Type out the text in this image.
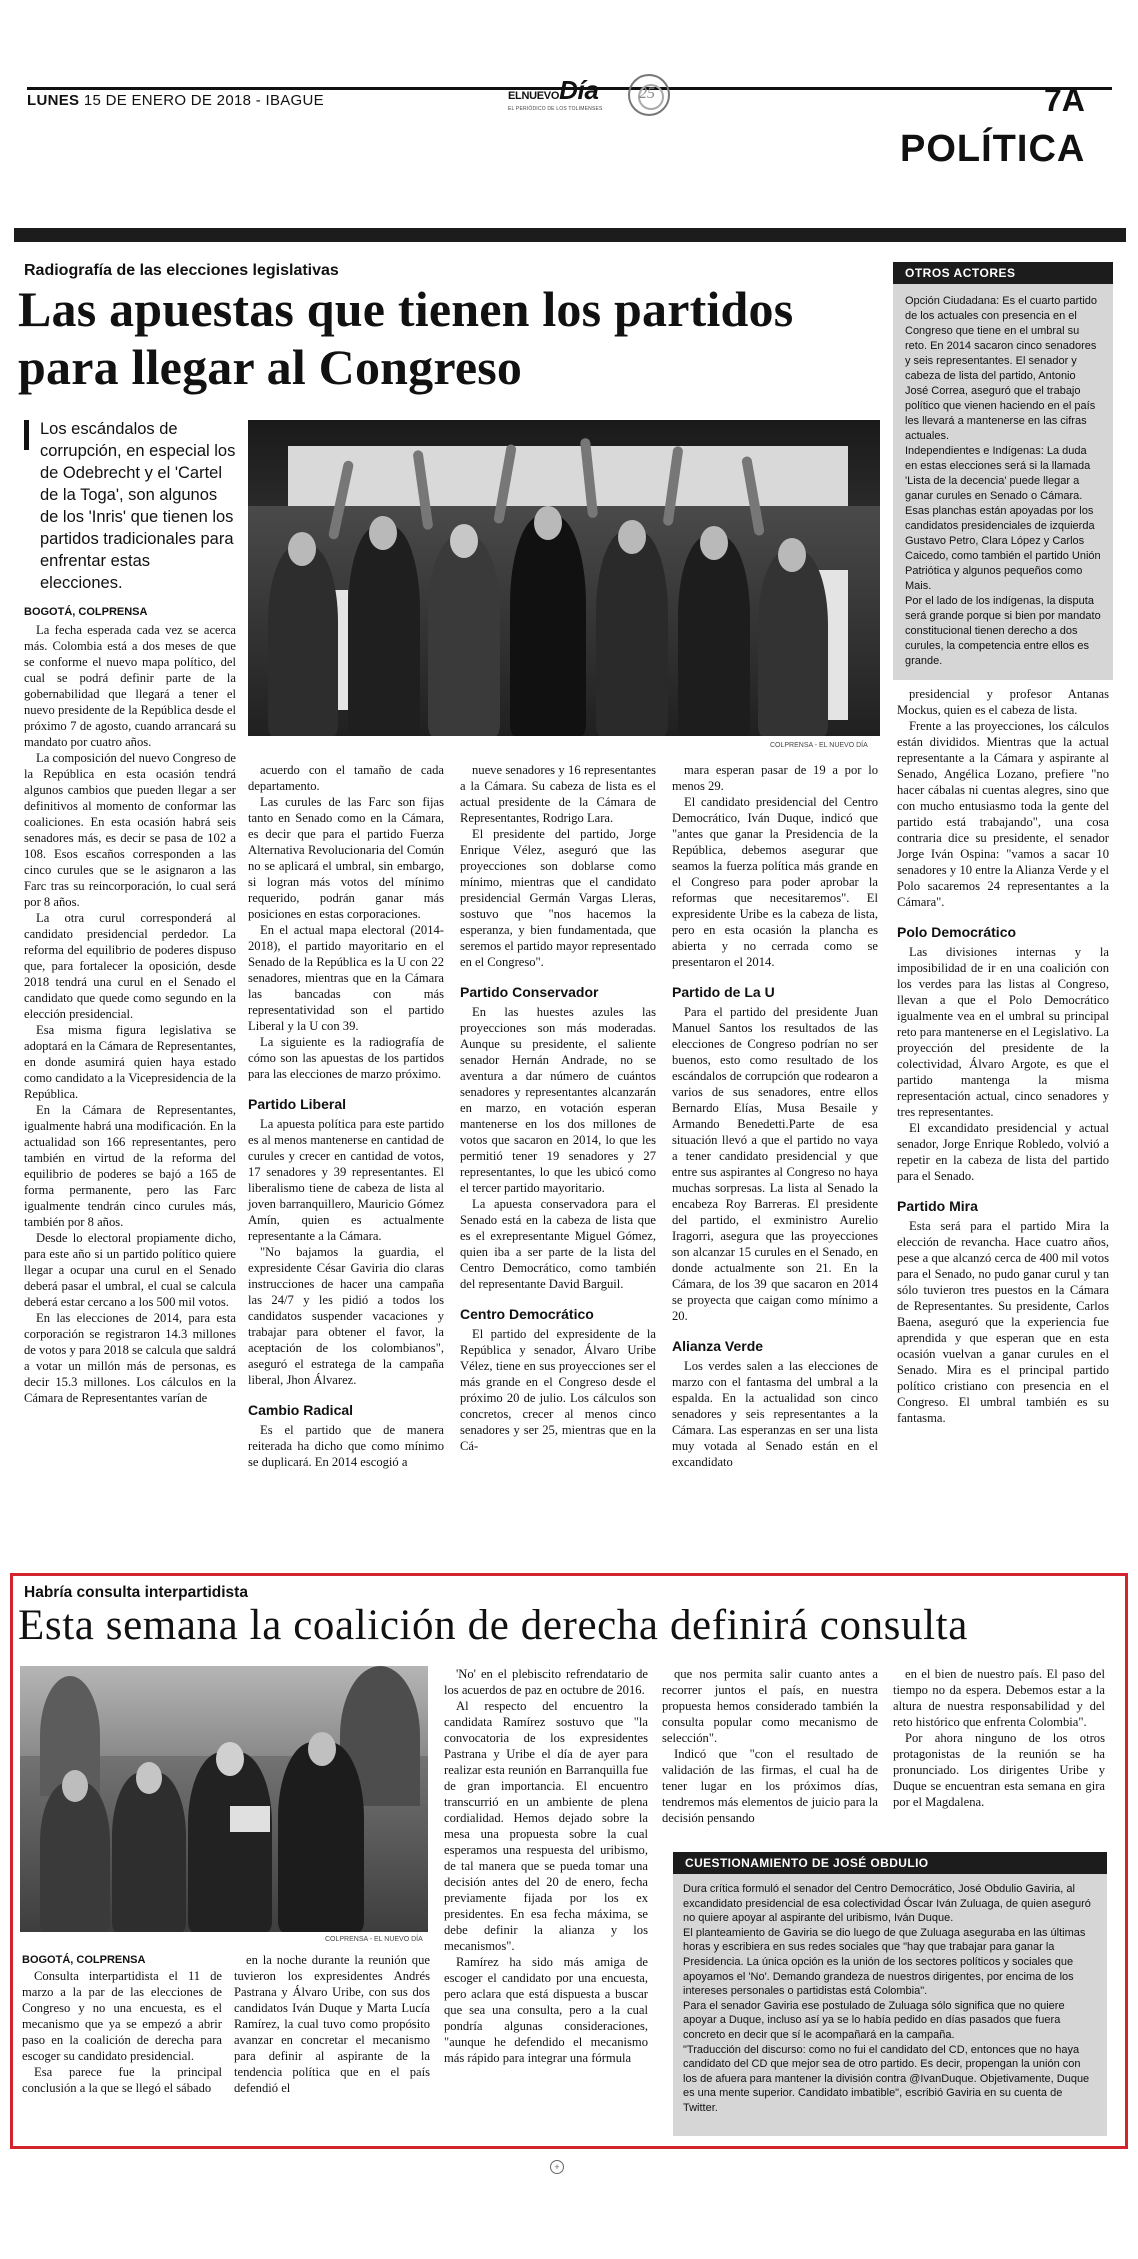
LUNES 15 DE ENERO DE 2018 - IBAGUE	ELNUEVODía
EL PERIÓDICO DE LOS TOLIMENSES
25	7A
POLÍTICA
Radiografía de las elecciones legislativas
Las apuestas que tienen los partidos para llegar al Congreso
Los escándalos de corrupción, en especial los de Odebrecht y el 'Cartel de la Toga', son algunos de los 'Inris' que tienen los partidos tradicionales para enfrentar estas elecciones.
BOGOTÁ, COLPRENSA
COLPRENSA - EL NUEVO DÍA

La fecha esperada cada vez se acerca más. Colombia está a dos meses de que se conforme el nuevo mapa político, del cual se podrá definir parte de la gobernabilidad que llegará a tener el nuevo presidente de la República desde el próximo 7 de agosto, cuando arrancará su mandato por cuatro años.

La composición del nuevo Congreso de la República en esta ocasión tendrá algunos cambios que pueden llegar a ser definitivos al momento de conformar las coaliciones. En esta ocasión habrá seis senadores más, es decir se pasa de 102 a 108. Esos escaños corresponden a las cinco curules que se le asignaron a las Farc tras su reincorporación, lo cual será por 8 años.

La otra curul corresponderá al candidato presidencial perdedor. La reforma del equilibrio de poderes dispuso que, para fortalecer la oposición, desde 2018 tendrá una curul en el Senado el candidato que quede como segundo en la elección presidencial.

Esa misma figura legislativa se adoptará en la Cámara de Representantes, en donde asumirá quien haya estado como candidato a la Vicepresidencia de la República.

En la Cámara de Representantes, igualmente habrá una modificación. En la actualidad son 166 representantes, pero también en virtud de la reforma del equilibrio de poderes se bajó a 165 de forma permanente, pero las Farc igualmente tendrán cinco curules más, también por 8 años.

Desde lo electoral propiamente dicho, para este año si un partido político quiere llegar a ocupar una curul en el Senado deberá pasar el umbral, el cual se calcula deberá estar cercano a los 500 mil votos.

En las elecciones de 2014, para esta corporación se registraron 14.3 millones de votos y para 2018 se calcula que saldrá a votar un millón más de personas, es decir 15.3 millones. Los cálculos en la Cámara de Representantes varían de

acuerdo con el tamaño de cada departamento.

Las curules de las Farc son fijas tanto en Senado como en la Cámara, es decir que para el partido Fuerza Alternativa Revolucionaria del Común no se aplicará el umbral, sin embargo, si logran más votos del mínimo requerido, podrán ganar más posiciones en estas corporaciones.

En el actual mapa electoral (2014-2018), el partido mayoritario en el Senado de la República es la U con 22 senadores, mientras que en la Cámara las bancadas con más representatividad son el partido Liberal y la U con 39.

La siguiente es la radiografía de cómo son las apuestas de los partidos para las elecciones de marzo próximo.

Partido Liberal

La apuesta política para este partido es al menos mantenerse en cantidad de curules y crecer en cantidad de votos, 17 senadores y 39 representantes. El liberalismo tiene de cabeza de lista al joven barranquillero, Mauricio Gómez Amín, quien es actualmente representante a la Cámara.

"No bajamos la guardia, el expresidente César Gaviria dio claras instrucciones de hacer una campaña las 24/7 y les pidió a todos los candidatos suspender vacaciones y trabajar para obtener el favor, la aceptación de los colombianos", aseguró el estratega de la campaña liberal, Jhon Álvarez.

Cambio Radical

Es el partido que de manera reiterada ha dicho que como mínimo se duplicará. En 2014 escogió a

nueve senadores y 16 representantes a la Cámara. Su cabeza de lista es el actual presidente de la Cámara de Representantes, Rodrigo Lara.

El presidente del partido, Jorge Enrique Vélez, aseguró que las proyecciones son doblarse como mínimo, mientras que el candidato presidencial Germán Vargas Lleras, sostuvo que "nos hacemos la esperanza, y bien fundamentada, que seremos el partido mayor representado en el Congreso".

Partido Conservador

En las huestes azules las proyecciones son más moderadas. Aunque su presidente, el saliente senador Hernán Andrade, no se aventura a dar número de cuántos senadores y representantes alcanzarán en marzo, en votación esperan mantenerse en los dos millones de votos que sacaron en 2014, lo que les permitió tener 19 senadores y 27 representantes, lo que les ubicó como el tercer partido mayoritario.

La apuesta conservadora para el Senado está en la cabeza de lista que es el exrepresentante Miguel Gómez, quien iba a ser parte de la lista del Centro Democrático, como también del representante David Barguil.

Centro Democrático

El partido del expresidente de la República y senador, Álvaro Uribe Vélez, tiene en sus proyecciones ser el más grande en el Congreso desde el próximo 20 de julio. Los cálculos son concretos, crecer al menos cinco senadores y ser 25, mientras que en la Cá-

mara esperan pasar de 19 a por lo menos 29.

El candidato presidencial del Centro Democrático, Iván Duque, indicó que "antes que ganar la Presidencia de la República, debemos asegurar que seamos la fuerza política más grande en el Congreso para poder aprobar la reformas que necesitaremos". El expresidente Uribe es la cabeza de lista, pero en esta ocasión la plancha es abierta y no cerrada como se presentaron el 2014.

Partido de La U

Para el partido del presidente Juan Manuel Santos los resultados de las elecciones de Congreso podrían no ser buenos, esto como resultado de los escándalos de corrupción que rodearon a varios de sus senadores, entre ellos Bernardo Elías, Musa Besaile y Armando Benedetti.Parte de esa situación llevó a que el partido no vaya a tener candidato presidencial y que entre sus aspirantes al Congreso no haya muchas sorpresas. La lista al Senado la encabeza Roy Barreras. El presidente del partido, el exministro Aurelio Iragorri, asegura que las proyecciones son alcanzar 15 curules en el Senado, en donde actualmente son 21. En la Cámara, de los 39 que sacaron en 2014 se proyecta que caigan como mínimo a 20.

Alianza Verde

Los verdes salen a las elecciones de marzo con el fantasma del umbral a la espalda. En la actualidad son cinco senadores y seis representantes a la Cámara. Las esperanzas en ser una lista muy votada al Senado están en el excandidato

presidencial y profesor Antanas Mockus, quien es el cabeza de lista.

Frente a las proyecciones, los cálculos están divididos. Mientras que la actual representante a la Cámara y aspirante al Senado, Angélica Lozano, prefiere "no hacer cábalas ni cuentas alegres, sino que con mucho entusiasmo toda la gente del partido está trabajando", una cosa contraria dice su presidente, el senador Jorge Iván Ospina: "vamos a sacar 10 senadores y 10 entre la Alianza Verde y el Polo sacaremos 24 representantes a la Cámara".

Polo Democrático

Las divisiones internas y la imposibilidad de ir en una coalición con los verdes para las listas al Congreso, llevan a que el Polo Democrático igualmente vea en el umbral su principal reto para mantenerse en el Legislativo. La proyección del presidente de la colectividad, Álvaro Argote, es que el partido mantenga la misma representación actual, cinco senadores y tres representantes.

El excandidato presidencial y actual senador, Jorge Enrique Robledo, volvió a repetir en la cabeza de lista del partido para el Senado.

Partido Mira

Esta será para el partido Mira la elección de revancha. Hace cuatro años, pese a que alcanzó cerca de 400 mil votos para el Senado, no pudo ganar curul y tan sólo tuvieron tres puestos en la Cámara de Representantes. Su presidente, Carlos Baena, aseguró que la experiencia fue aprendida y que esperan que en esta ocasión vuelvan a ganar curules en el Senado. Mira es el principal partido político cristiano con presencia en el Congreso. El umbral también es su fantasma.

OTROS ACTORES

Opción Ciudadana: Es el cuarto partido de los actuales con presencia en el Congreso que tiene en el umbral su reto. En 2014 sacaron cinco senadores y seis representantes. El senador y cabeza de lista del partido, Antonio José Correa, aseguró que el trabajo político que vienen haciendo en el país les llevará a mantenerse en las cifras actuales.

Independientes e Indígenas: La duda en estas elecciones será si la llamada 'Lista de la decencia' puede llegar a ganar curules en Senado o Cámara. Esas planchas están apoyadas por los candidatos presidenciales de izquierda Gustavo Petro, Clara López y Carlos Caicedo, como también el partido Unión Patriótica y algunos pequeños como Mais.

Por el lado de los indígenas, la disputa será grande porque si bien por mandato constitucional tienen derecho a dos curules, la competencia entre ellos es grande.

Habría consulta interpartidista
Esta semana la coalición de derecha definirá consulta
COLPRENSA - EL NUEVO DÍA
BOGOTÁ, COLPRENSA

Consulta interpartidista el 11 de marzo a la par de las elecciones de Congreso y no una encuesta, es el mecanismo que ya se empezó a abrir paso en la coalición de derecha para escoger su candidato presidencial.

Esa parece fue la principal conclusión a la que se llegó el sábado

en la noche durante la reunión que tuvieron los expresidentes Andrés Pastrana y Álvaro Uribe, con sus dos candidatos Iván Duque y Marta Lucía Ramírez, la cual tuvo como propósito avanzar en concretar el mecanismo para definir al aspirante de la tendencia política que en el país defendió el

'No' en el plebiscito refrendatario de los acuerdos de paz en octubre de 2016.

Al respecto del encuentro la candidata Ramírez sostuvo que "la convocatoria de los expresidentes Pastrana y Uribe el día de ayer para realizar esta reunión en Barranquilla fue de gran importancia. El encuentro transcurrió en un ambiente de plena cordialidad. Hemos dejado sobre la mesa una propuesta sobre la cual esperamos una respuesta del uribismo, de tal manera que se pueda tomar una decisión antes del 20 de enero, fecha previamente fijada por los ex presidentes. En esa fecha máxima, se debe definir la alianza y los mecanismos".

Ramírez ha sido más amiga de escoger el candidato por una encuesta, pero aclara que está dispuesta a buscar que sea una consulta, pero a la cual pondría algunas consideraciones, "aunque he defendido el mecanismo más rápido para integrar una fórmula

que nos permita salir cuanto antes a recorrer juntos el país, en nuestra propuesta hemos considerado también la consulta popular como mecanismo de selección".

Indicó que "con el resultado de validación de las firmas, el cual ha de tener lugar en los próximos días, tendremos más elementos de juicio para la decisión pensando

en el bien de nuestro país. El paso del tiempo no da espera. Debemos estar a la altura de nuestra responsabilidad y del reto histórico que enfrenta Colombia".

Por ahora ninguno de los otros protagonistas de la reunión se ha pronunciado. Los dirigentes Uribe y Duque se encuentran esta semana en gira por el Magdalena.

CUESTIONAMIENTO DE JOSÉ OBDULIO

Dura crítica formuló el senador del Centro Democrático, José Obdulio Gaviria, al excandidato presidencial de esa colectividad Óscar Iván Zuluaga, de quien aseguró no quiere apoyar al aspirante del uribismo, Iván Duque.

El planteamiento de Gaviria se dio luego de que Zuluaga aseguraba en las últimas horas y escribiera en sus redes sociales que "hay que trabajar para ganar la Presidencia. La única opción es la unión de los sectores políticos y sociales que apoyamos el 'No'. Demando grandeza de nuestros dirigentes, por encima de los intereses personales o partidistas está Colombia".

Para el senador Gaviria ese postulado de Zuluaga sólo significa que no quiere apoyar a Duque, incluso así ya se lo había pedido en días pasados que fuera concreto en decir que sí le acompañará en la campaña.

"Traducción del discurso: como no fui el candidato del CD, entonces que no haya candidato del CD que mejor sea de otro partido. Es decir, propengan la unión con los de afuera para mantener la división contra @IvanDuque. Objetivamente, Duque es una mente superior. Candidato imbatible", escribió Gaviria en su cuenta de Twitter.

+
